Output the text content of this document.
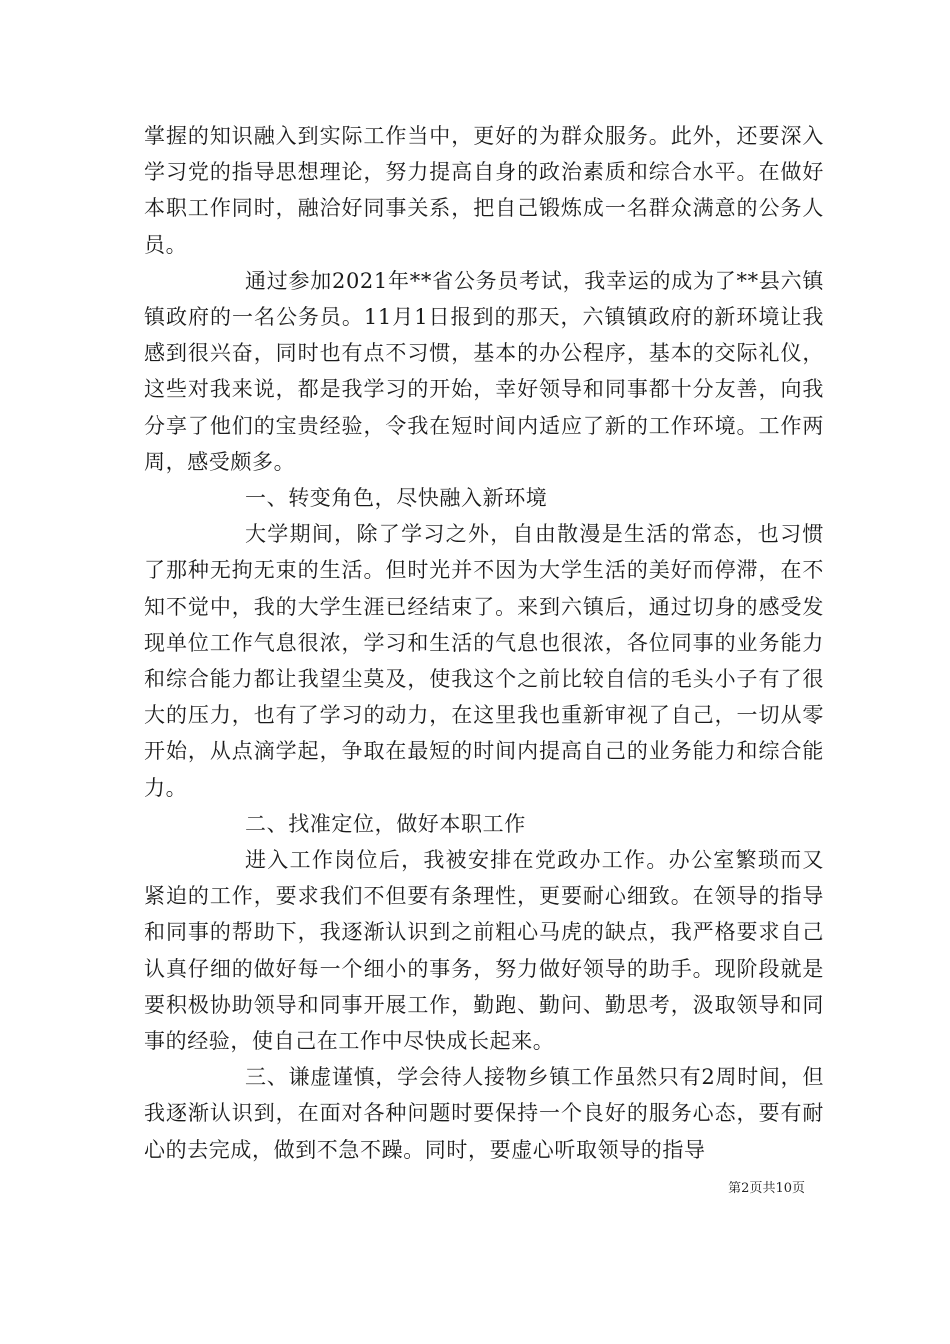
掌握的知识融入到实际工作当中，更好的为群众服务。此外，还要深入学习党的指导思想理论，努力提高自身的政治素质和综合水平。在做好本职工作同时，融洽好同事关系，把自己锻炼成一名群众满意的公务人员。

通过参加2021年**省公务员考试，我幸运的成为了**县六镇镇政府的一名公务员。11月1日报到的那天，六镇镇政府的新环境让我感到很兴奋，同时也有点不习惯，基本的办公程序，基本的交际礼仪，这些对我来说，都是我学习的开始，幸好领导和同事都十分友善，向我分享了他们的宝贵经验，令我在短时间内适应了新的工作环境。工作两周，感受颇多。

一、转变角色，尽快融入新环境

大学期间，除了学习之外，自由散漫是生活的常态，也习惯了那种无拘无束的生活。但时光并不因为大学生活的美好而停滞，在不知不觉中，我的大学生涯已经结束了。来到六镇后，通过切身的感受发现单位工作气息很浓，学习和生活的气息也很浓，各位同事的业务能力和综合能力都让我望尘莫及，使我这个之前比较自信的毛头小子有了很大的压力，也有了学习的动力，在这里我也重新审视了自己，一切从零开始，从点滴学起，争取在最短的时间内提高自己的业务能力和综合能力。

二、找准定位，做好本职工作

进入工作岗位后，我被安排在党政办工作。办公室繁琐而又紧迫的工作，要求我们不但要有条理性，更要耐心细致。在领导的指导和同事的帮助下，我逐渐认识到之前粗心马虎的缺点，我严格要求自己认真仔细的做好每一个细小的事务，努力做好领导的助手。现阶段就是要积极协助领导和同事开展工作，勤跑、勤问、勤思考，汲取领导和同事的经验，使自己在工作中尽快成长起来。

三、谦虚谨慎，学会待人接物乡镇工作虽然只有2周时间，但我逐渐认识到，在面对各种问题时要保持一个良好的服务心态，要有耐心的去完成，做到不急不躁。同时，要虚心听取领导的指导

第2页共10页
